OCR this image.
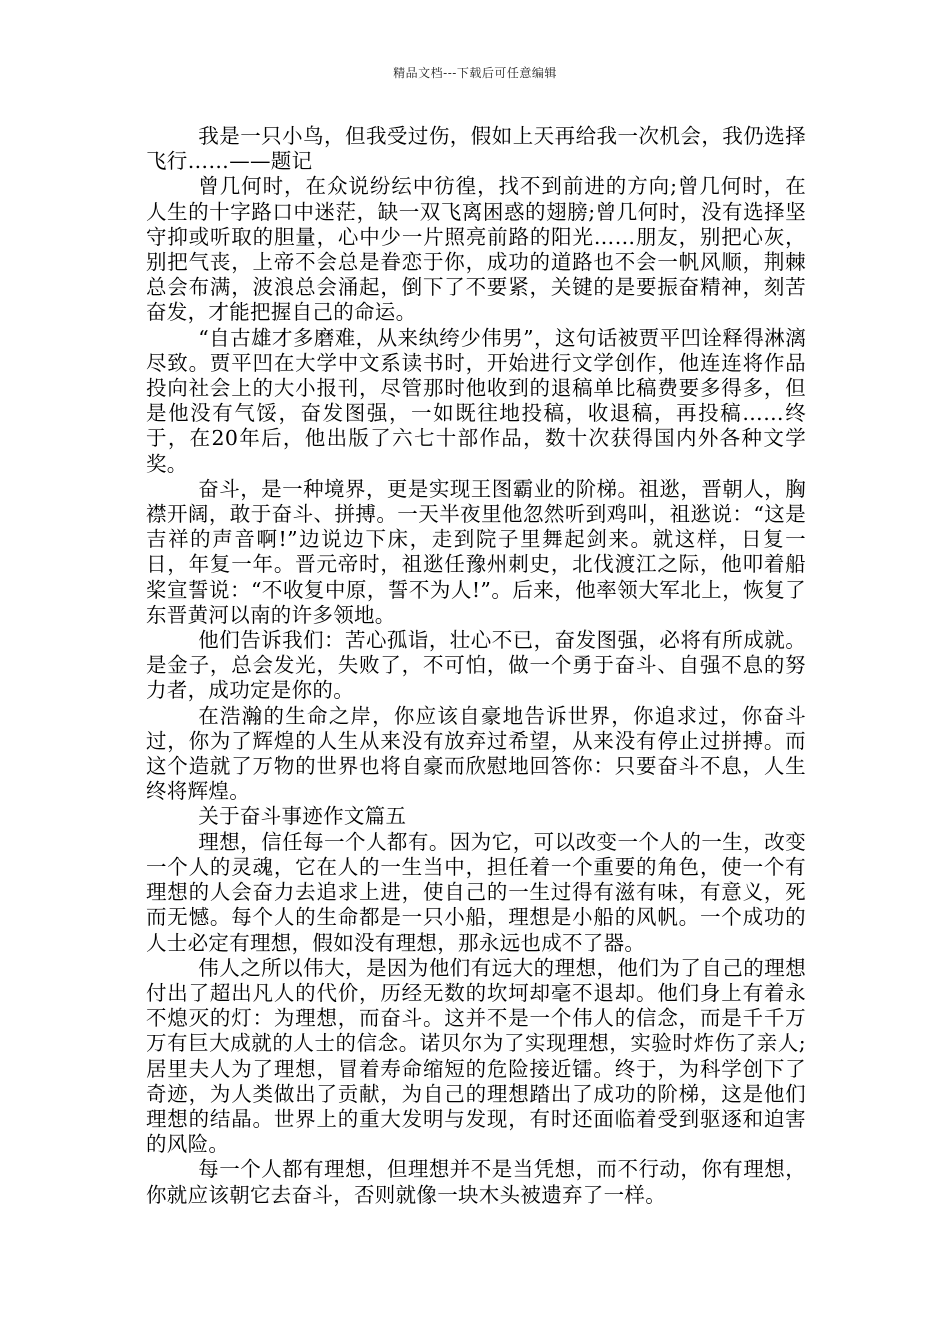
精品文档---下载后可任意编辑

我是一只小鸟，但我受过伤，假如上天再给我一次机会，我仍选择飞行……——题记

曾几何时，在众说纷纭中彷徨，找不到前进的方向;曾几何时，在人生的十字路口中迷茫，缺一双飞离困惑的翅膀;曾几何时，没有选择坚守抑或听取的胆量，心中少一片照亮前路的阳光……朋友，别把心灰，别把气丧，上帝不会总是眷恋于你，成功的道路也不会一帆风顺，荆棘总会布满，波浪总会涌起，倒下了不要紧，关键的是要振奋精神，刻苦奋发，才能把握自己的命运。

“自古雄才多磨难，从来纨绔少伟男”，这句话被贾平凹诠释得淋漓尽致。贾平凹在大学中文系读书时，开始进行文学创作，他连连将作品投向社会上的大小报刊，尽管那时他收到的退稿单比稿费要多得多，但是他没有气馁，奋发图强，一如既往地投稿，收退稿，再投稿……终于，在20年后，他出版了六七十部作品，数十次获得国内外各种文学奖。

奋斗，是一种境界，更是实现王图霸业的阶梯。祖逖，晋朝人，胸襟开阔，敢于奋斗、拼搏。一天半夜里他忽然听到鸡叫，祖逖说：“这是吉祥的声音啊!”边说边下床，走到院子里舞起剑来。就这样，日复一日，年复一年。晋元帝时，祖逖任豫州刺史，北伐渡江之际，他叩着船桨宣誓说：“不收复中原，誓不为人!”。后来，他率领大军北上，恢复了东晋黄河以南的许多领地。

他们告诉我们：苦心孤诣，壮心不已，奋发图强，必将有所成就。是金子，总会发光，失败了，不可怕，做一个勇于奋斗、自强不息的努力者，成功定是你的。

在浩瀚的生命之岸，你应该自豪地告诉世界，你追求过，你奋斗过，你为了辉煌的人生从来没有放弃过希望，从来没有停止过拼搏。而这个造就了万物的世界也将自豪而欣慰地回答你：只要奋斗不息，人生终将辉煌。

关于奋斗事迹作文篇五

理想，信任每一个人都有。因为它，可以改变一个人的一生，改变一个人的灵魂，它在人的一生当中，担任着一个重要的角色，使一个有理想的人会奋力去追求上进，使自己的一生过得有滋有味，有意义，死而无憾。每个人的生命都是一只小船，理想是小船的风帆。一个成功的人士必定有理想，假如没有理想，那永远也成不了器。

伟人之所以伟大，是因为他们有远大的理想，他们为了自己的理想付出了超出凡人的代价，历经无数的坎坷却毫不退却。他们身上有着永不熄灭的灯：为理想，而奋斗。这并不是一个伟人的信念，而是千千万万有巨大成就的人士的信念。诺贝尔为了实现理想，实验时炸伤了亲人;居里夫人为了理想，冒着寿命缩短的危险接近镭。终于，为科学创下了奇迹，为人类做出了贡献，为自己的理想踏出了成功的阶梯，这是他们理想的结晶。世界上的重大发明与发现，有时还面临着受到驱逐和迫害的风险。

每一个人都有理想，但理想并不是当凭想，而不行动，你有理想，你就应该朝它去奋斗，否则就像一块木头被遗弃了一样。
